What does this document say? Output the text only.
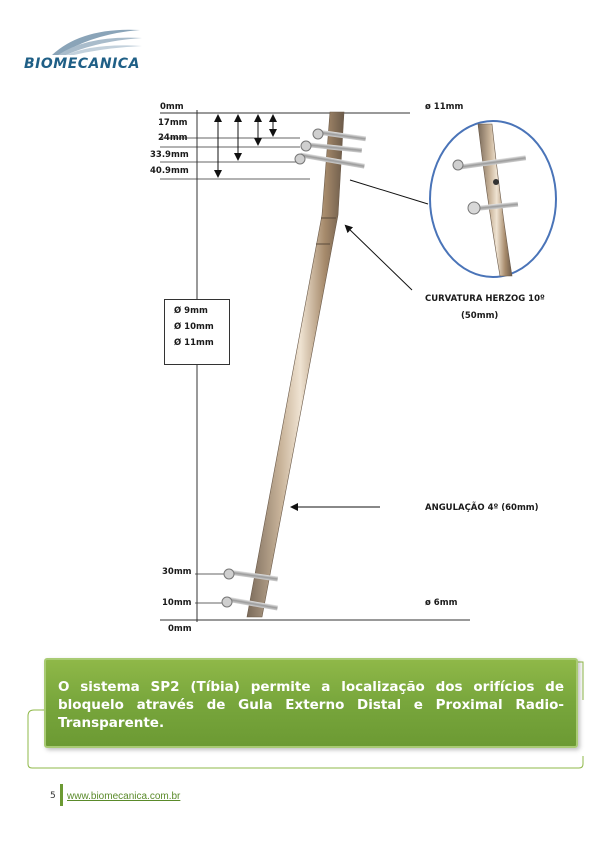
BIOMECANICA
0mm
17mm
24mm
33.9mm
40.9mm
ø 11mm
30mm
10mm
0mm
ø 6mm
Ø 9mm
Ø 10mm
Ø 11mm
CURVATURA HERZOG 10º
(50mm)
ANGULAÇÃO 4º (60mm)
O sistema SP2 (Tíbia) permite a localização dos orifícios de bloquelo através de Gula Externo Distal e Proximal Radio-Transparente.
5 www.biomecanica.com.br
